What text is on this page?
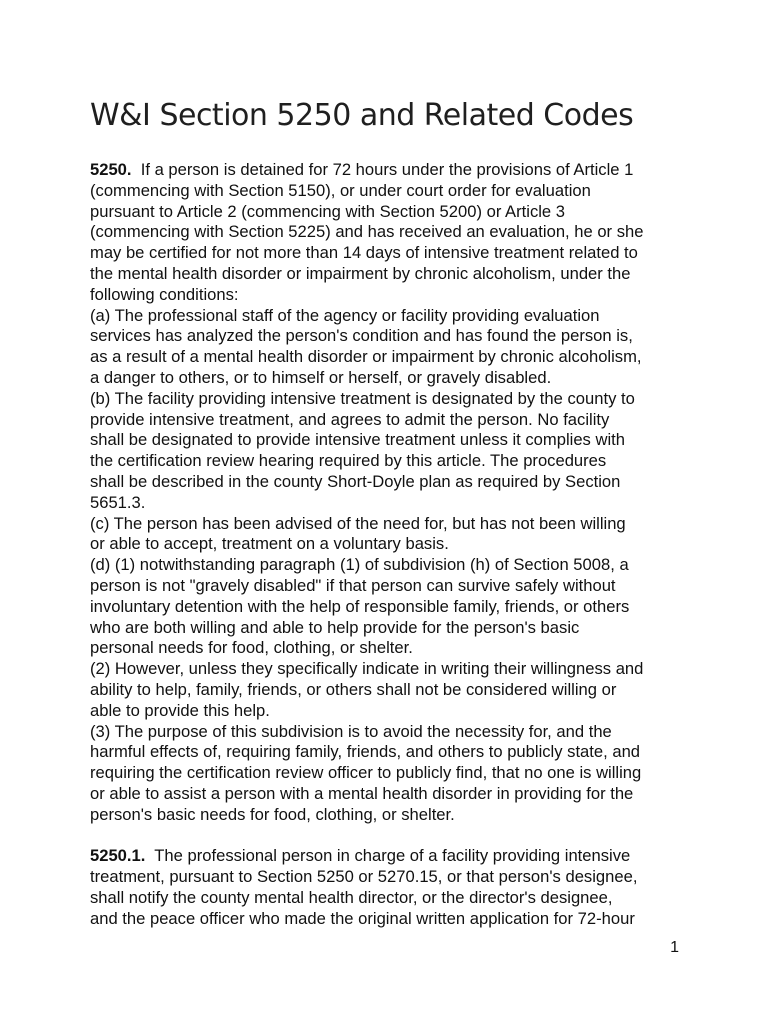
W&I Section 5250 and Related Codes

5250.  If a person is detained for 72 hours under the provisions of Article 1
(commencing with Section 5150), or under court order for evaluation
pursuant to Article 2 (commencing with Section 5200) or Article 3
(commencing with Section 5225) and has received an evaluation, he or she
may be certified for not more than 14 days of intensive treatment related to
the mental health disorder or impairment by chronic alcoholism, under the
following conditions:
(a) The professional staff of the agency or facility providing evaluation
services has analyzed the person's condition and has found the person is,
as a result of a mental health disorder or impairment by chronic alcoholism,
a danger to others, or to himself or herself, or gravely disabled.
(b) The facility providing intensive treatment is designated by the county to
provide intensive treatment, and agrees to admit the person. No facility
shall be designated to provide intensive treatment unless it complies with
the certification review hearing required by this article. The procedures
shall be described in the county Short-Doyle plan as required by Section
5651.3.
(c) The person has been advised of the need for, but has not been willing
or able to accept, treatment on a voluntary basis.
(d) (1) notwithstanding paragraph (1) of subdivision (h) of Section 5008, a
person is not "gravely disabled" if that person can survive safely without
involuntary detention with the help of responsible family, friends, or others
who are both willing and able to help provide for the person's basic
personal needs for food, clothing, or shelter.
(2) However, unless they specifically indicate in writing their willingness and
ability to help, family, friends, or others shall not be considered willing or
able to provide this help.
(3) The purpose of this subdivision is to avoid the necessity for, and the
harmful effects of, requiring family, friends, and others to publicly state, and
requiring the certification review officer to publicly find, that no one is willing
or able to assist a person with a mental health disorder in providing for the
person's basic needs for food, clothing, or shelter.

5250.1.  The professional person in charge of a facility providing intensive
treatment, pursuant to Section 5250 or 5270.15, or that person's designee,
shall notify the county mental health director, or the director's designee,
and the peace officer who made the original written application for 72-hour

1
